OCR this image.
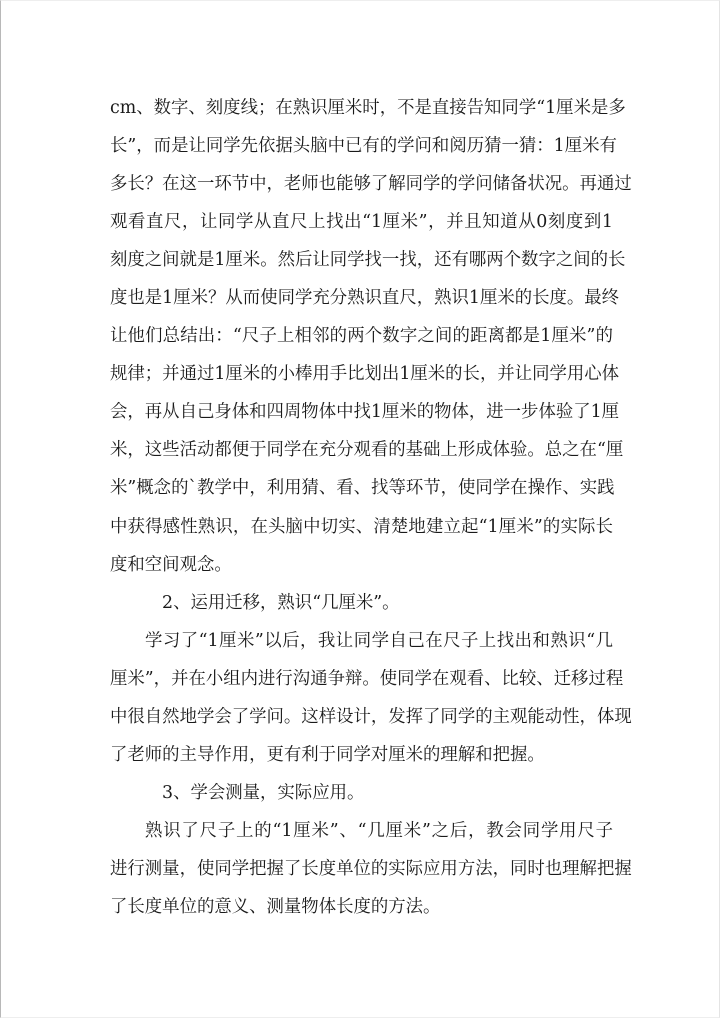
cm、数字、刻度线；在熟识厘米时，不是直接告知同学“1厘米是多
长”，而是让同学先依据头脑中已有的学问和阅历猜一猜：1厘米有
多长？在这一环节中，老师也能够了解同学的学问储备状况。再通过
观看直尺，让同学从直尺上找出“1厘米”，并且知道从0刻度到1
刻度之间就是1厘米。然后让同学找一找，还有哪两个数字之间的长
度也是1厘米？从而使同学充分熟识直尺，熟识1厘米的长度。最终
让他们总结出：“尺子上相邻的两个数字之间的距离都是1厘米”的
规律；并通过1厘米的小棒用手比划出1厘米的长，并让同学用心体
会，再从自己身体和四周物体中找1厘米的物体，进一步体验了1厘
米，这些活动都便于同学在充分观看的基础上形成体验。总之在“厘
米”概念的`教学中，利用猜、看、找等环节，使同学在操作、实践
中获得感性熟识，在头脑中切实、清楚地建立起“1厘米”的实际长
度和空间观念。
2、运用迁移，熟识“几厘米”。
学习了“1厘米”以后，我让同学自己在尺子上找出和熟识“几
厘米”，并在小组内进行沟通争辩。使同学在观看、比较、迁移过程
中很自然地学会了学问。这样设计，发挥了同学的主观能动性，体现
了老师的主导作用，更有利于同学对厘米的理解和把握。
3、学会测量，实际应用。
熟识了尺子上的“1厘米”、“几厘米”之后，教会同学用尺子
进行测量，使同学把握了长度单位的实际应用方法，同时也理解把握
了长度单位的意义、测量物体长度的方法。
